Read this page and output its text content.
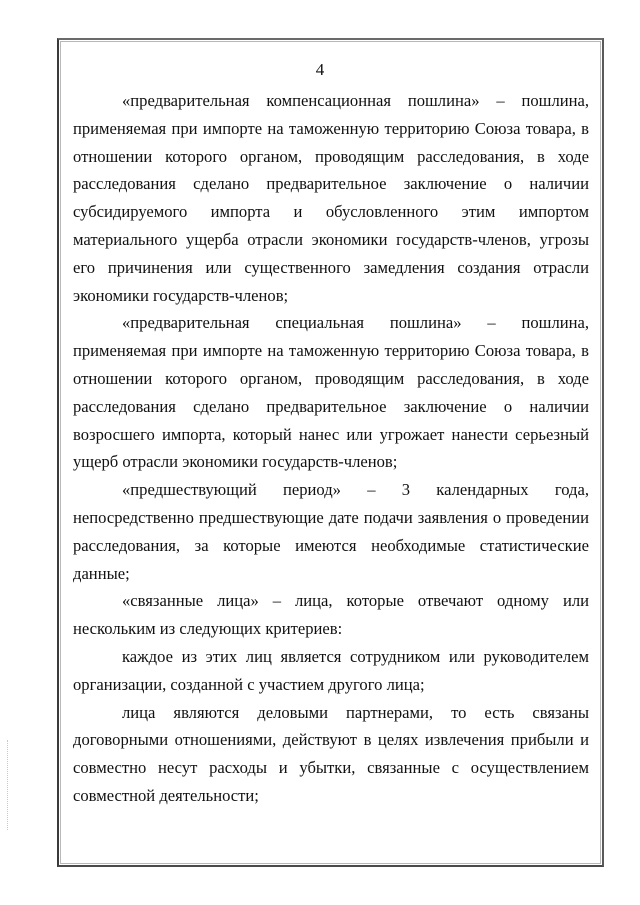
4

«предварительная компенсационная пошлина» – пошлина, применяемая при импорте на таможенную территорию Союза товара, в отношении которого органом, проводящим расследования, в ходе расследования сделано предварительное заключение о наличии субсидируемого импорта и обусловленного этим импортом материального ущерба отрасли экономики государств-членов, угрозы его причинения или существенного замедления создания отрасли экономики государств-членов;

«предварительная специальная пошлина» – пошлина, применяемая при импорте на таможенную территорию Союза товара, в отношении которого органом, проводящим расследования, в ходе расследования сделано предварительное заключение о наличии возросшего импорта, который нанес или угрожает нанести серьезный ущерб отрасли экономики государств-членов;

«предшествующий период» – 3 календарных года, непосредственно предшествующие дате подачи заявления о проведении расследования, за которые имеются необходимые статистические данные;

«связанные лица» – лица, которые отвечают одному или нескольким из следующих критериев:

каждое из этих лиц является сотрудником или руководителем организации, созданной с участием другого лица;

лица являются деловыми партнерами, то есть связаны договорными отношениями, действуют в целях извлечения прибыли и совместно несут расходы и убытки, связанные с осуществлением совместной деятельности;
